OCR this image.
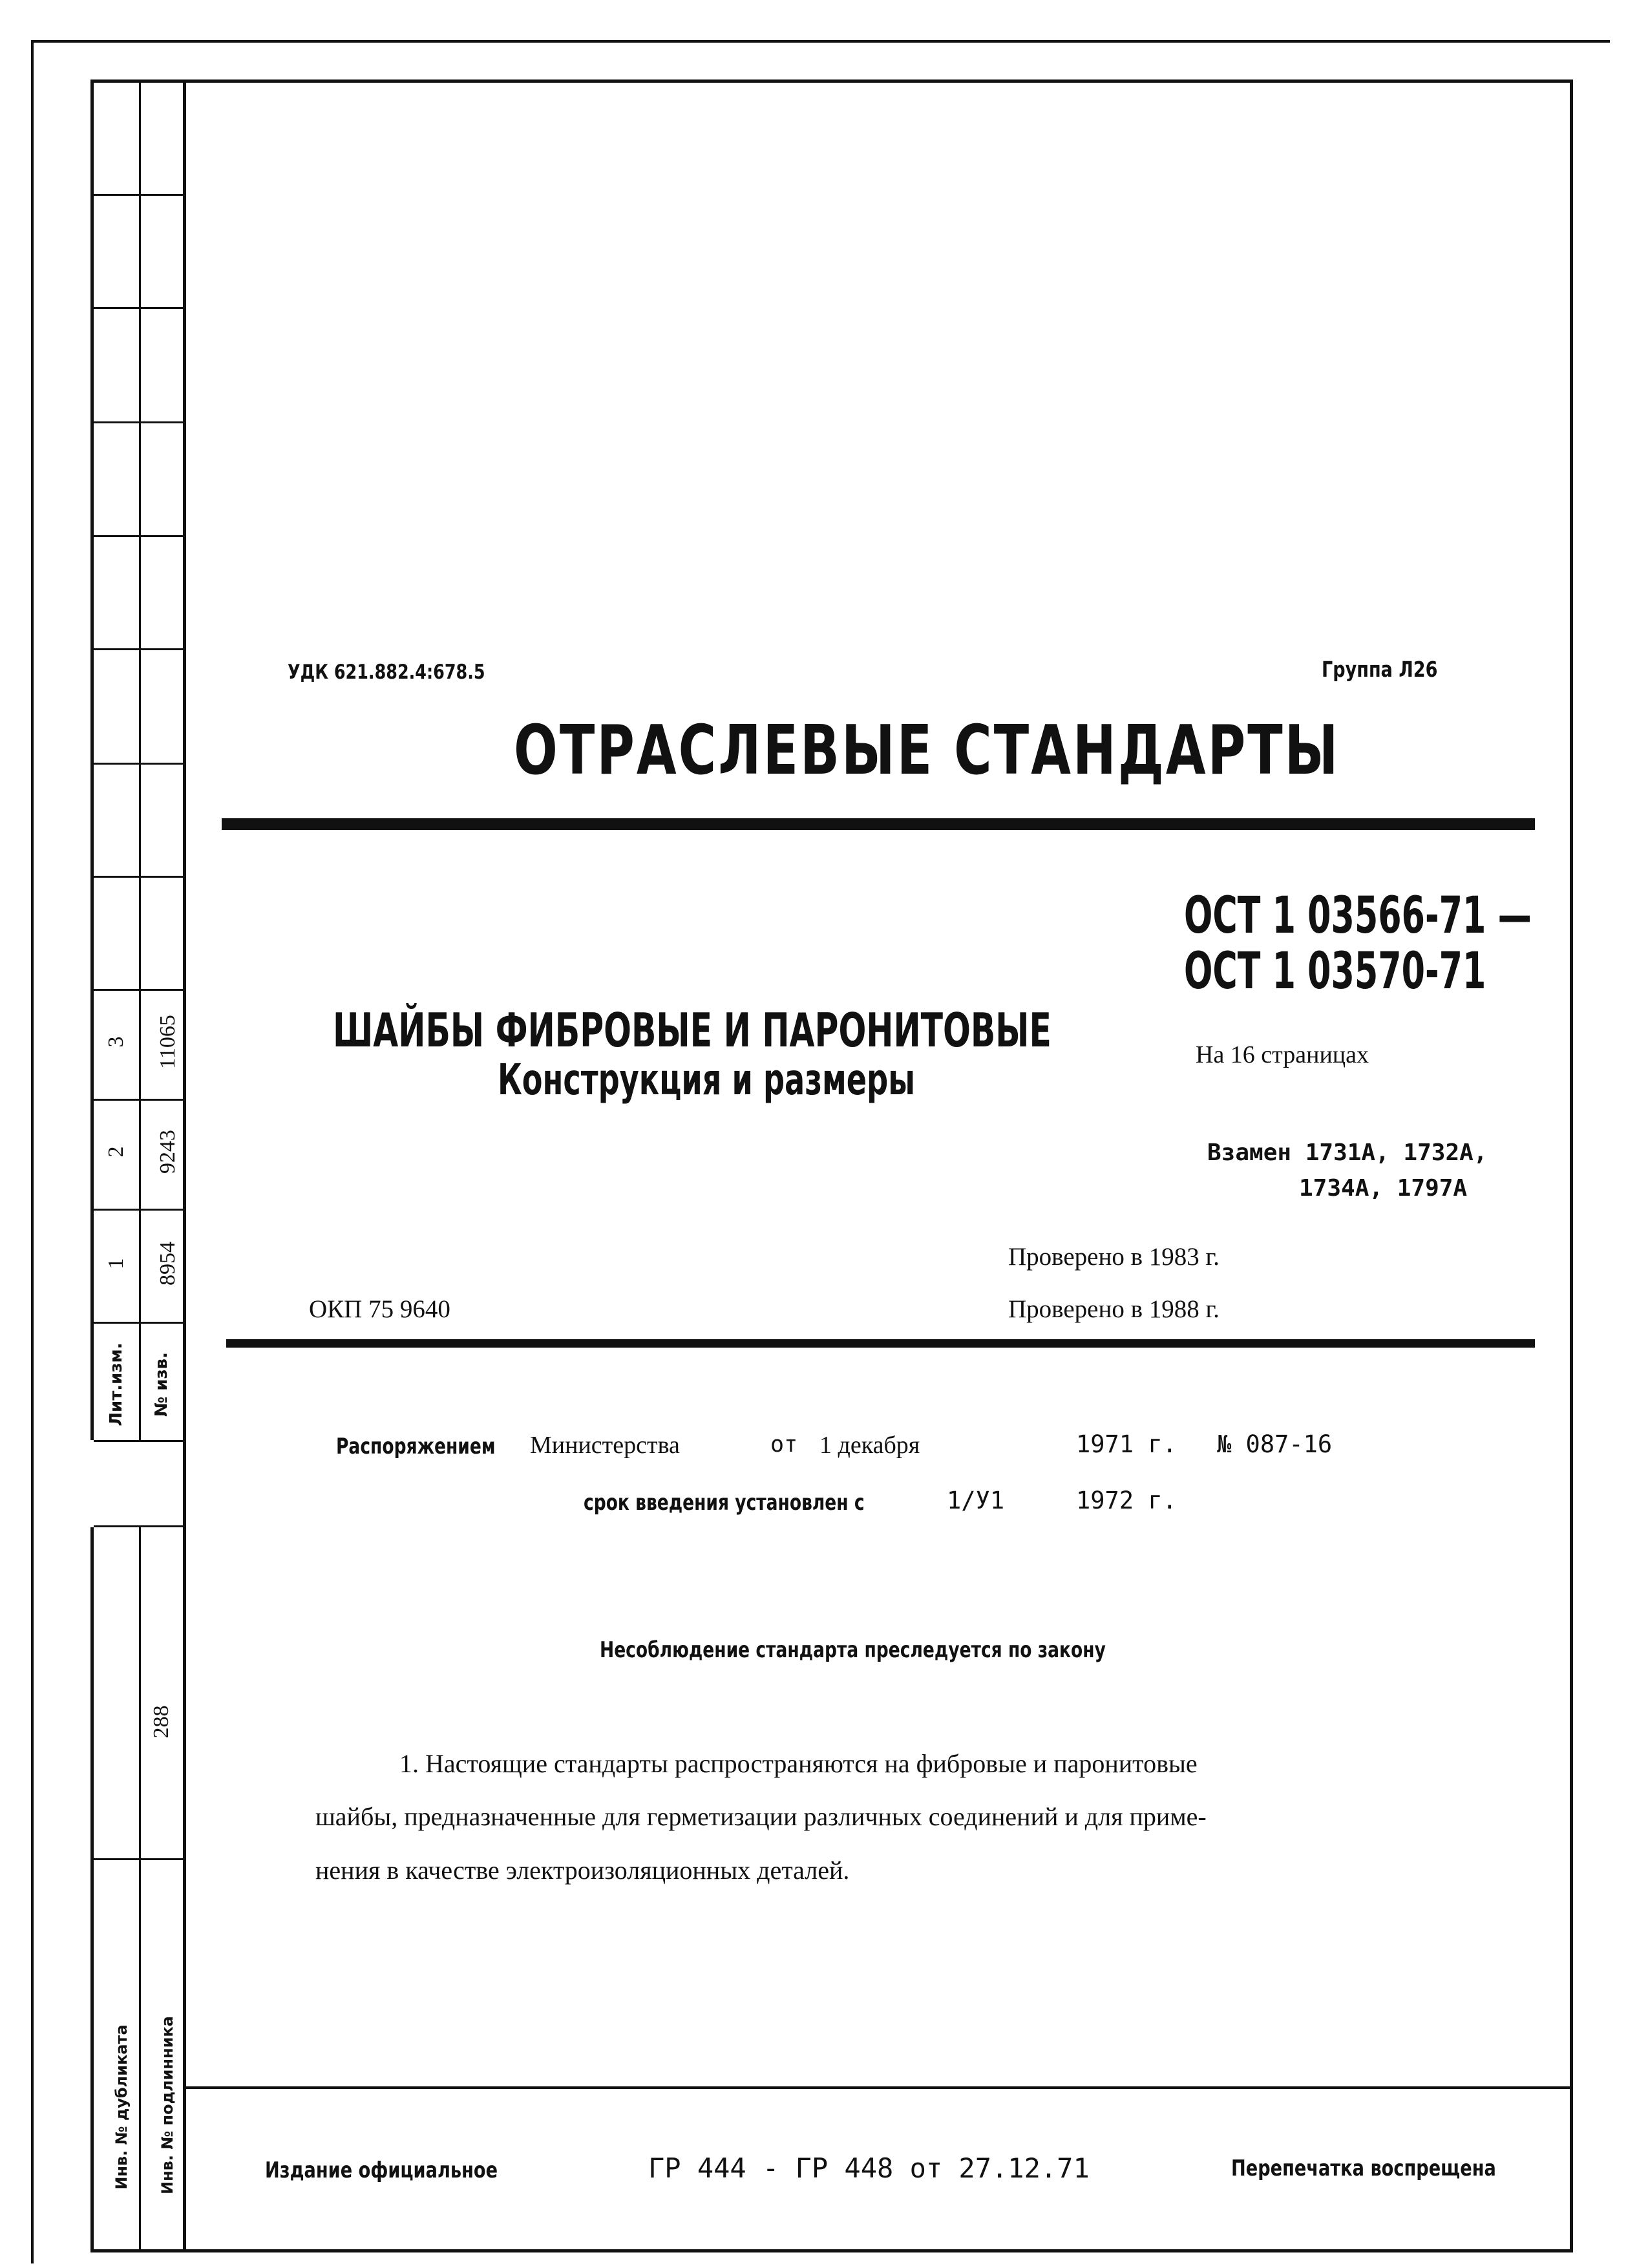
Лит.изм. № изв.
1 8954
2 9243
3 11065
288
Инв. № дубликата Инв. № подлинника
УДК 621.882.4:678.5	Группа Л26
ОТРАСЛЕВЫЕ СТАНДАРТЫ
ОСТ 1 03566-71 —
ОСТ 1 03570-71
На 16 страницах
Взамен 1731А, 1732А,
1734А, 1797А
ШАЙБЫ ФИБРОВЫЕ И ПАРОНИТОВЫЕ
Конструкция и размеры
Проверено в 1983 г.
ОКП 75 9640	Проверено в 1988 г.
Распоряжением Министерства	от 1 декабря	1971 г. № 087-16
срок введения установлен с	1/У1	1972 г.
Несоблюдение стандарта преследуется по закону
1. Настоящие стандарты распространяются на фибровые и паронитовые
шайбы, предназначенные для герметизации различных соединений и для приме-
нения в качестве электроизоляционных деталей.
Издание официальное	ГР 444 - ГР 448 от 27.12.71	Перепечатка воспрещена
